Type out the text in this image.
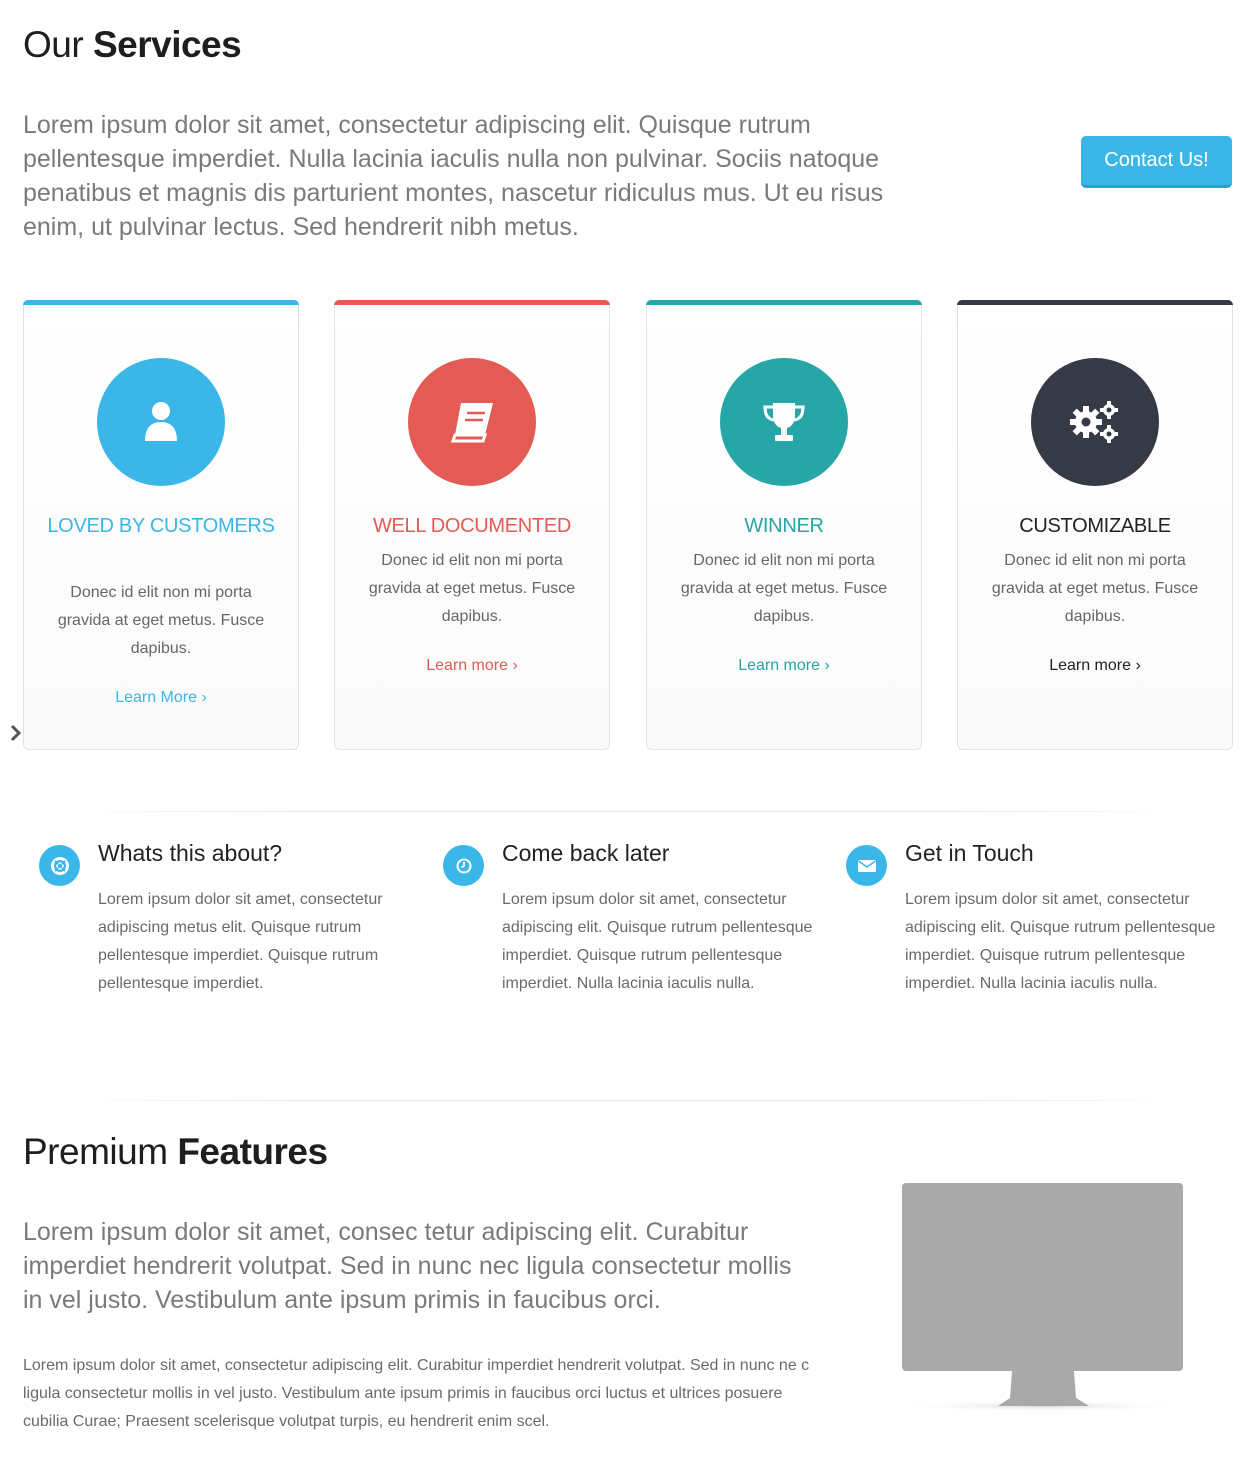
Our Services

Lorem ipsum dolor sit amet, consectetur adipiscing elit. Quisque rutrum pellentesque imperdiet. Nulla lacinia iaculis nulla non pulvinar. Sociis natoque penatibus et magnis dis parturient montes, nascetur ridiculus mus. Ut eu risus enim, ut pulvinar lectus. Sed hendrerit nibh metus.

Contact Us!
LOVED BY CUSTOMERS
Donec id elit non mi porta gravida at eget metus. Fusce dapibus.
Learn More ›
WELL DOCUMENTED
Donec id elit non mi porta gravida at eget metus. Fusce dapibus.
Learn more ›
WINNER
Donec id elit non mi porta gravida at eget metus. Fusce dapibus.
Learn more ›
CUSTOMIZABLE
Donec id elit non mi porta gravida at eget metus. Fusce dapibus.
Learn more ›
Whats this about?
Lorem ipsum dolor sit amet, consectetur adipiscing metus elit. Quisque rutrum pellentesque imperdiet. Quisque rutrum pellentesque imperdiet.
Come back later
Lorem ipsum dolor sit amet, consectetur adipiscing elit. Quisque rutrum pellentesque imperdiet. Quisque rutrum pellentesque imperdiet. Nulla lacinia iaculis nulla.
Get in Touch
Lorem ipsum dolor sit amet, consectetur adipiscing elit. Quisque rutrum pellentesque imperdiet. Quisque rutrum pellentesque imperdiet. Nulla lacinia iaculis nulla.
Premium Features

Lorem ipsum dolor sit amet, consec tetur adipiscing elit. Curabitur imperdiet hendrerit volutpat. Sed in nunc nec ligula consectetur mollis in vel justo. Vestibulum ante ipsum primis in faucibus orci.

Lorem ipsum dolor sit amet, consectetur adipiscing elit. Curabitur imperdiet hendrerit volutpat. Sed in nunc ne c ligula consectetur mollis in vel justo. Vestibulum ante ipsum primis in faucibus orci luctus et ultrices posuere cubilia Curae; Praesent scelerisque volutpat turpis, eu hendrerit enim scel.
